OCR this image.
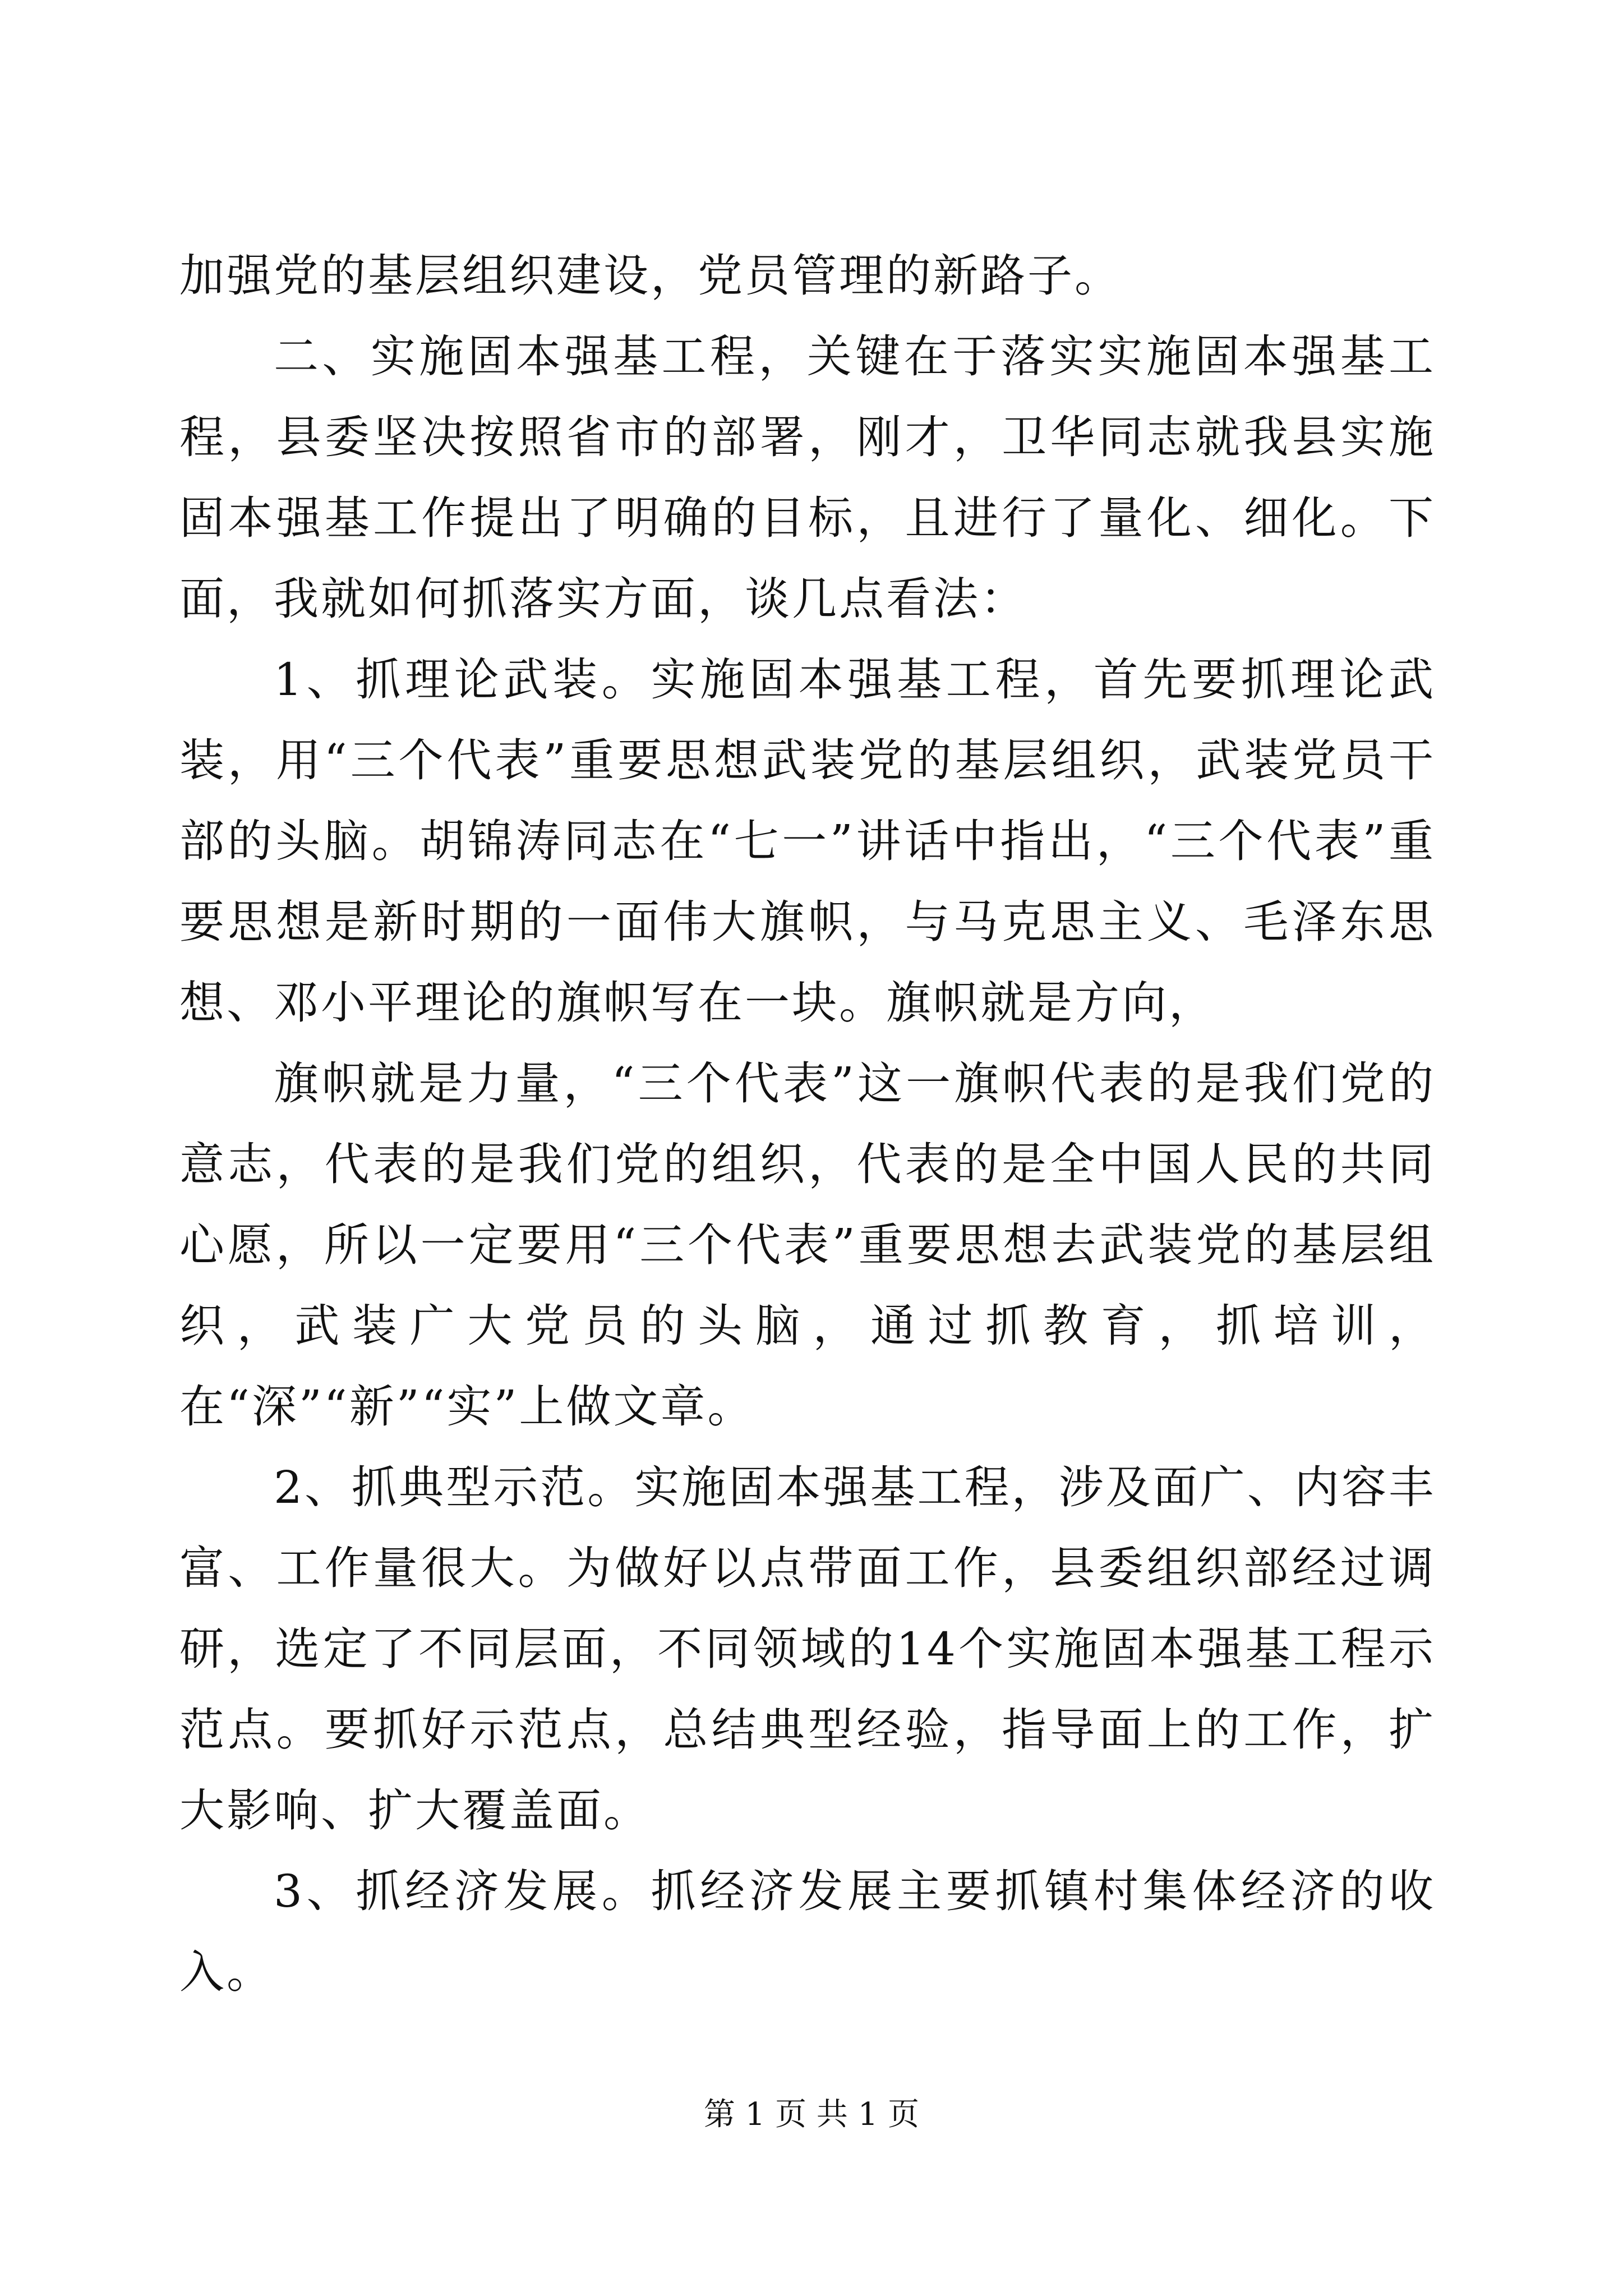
加强党的基层组织建设，党员管理的新路子。

二、实施固本强基工程，关键在于落实实施固本强基工程，县委坚决按照省市的部署，刚才，卫华同志就我县实施固本强基工作提出了明确的目标，且进行了量化、细化。下面，我就如何抓落实方面，谈几点看法：

1、抓理论武装。实施固本强基工程，首先要抓理论武装，用“三个代表”重要思想武装党的基层组织，武装党员干部的头脑。胡锦涛同志在“七一”讲话中指出，“三个代表”重要思想是新时期的一面伟大旗帜，与马克思主义、毛泽东思想、邓小平理论的旗帜写在一块。旗帜就是方向，

旗帜就是力量，“三个代表”这一旗帜代表的是我们党的意志，代表的是我们党的组织，代表的是全中国人民的共同心愿，所以一定要用“三个代表”重要思想去武装党的基层组织，武装广大党员的头脑，通过抓教育，抓培训，在“深”“新”“实”上做文章。

2、抓典型示范。实施固本强基工程，涉及面广、内容丰富、工作量很大。为做好以点带面工作，县委组织部经过调研，选定了不同层面，不同领域的14个实施固本强基工程示范点。要抓好示范点，总结典型经验，指导面上的工作，扩大影响、扩大覆盖面。

3、抓经济发展。抓经济发展主要抓镇村集体经济的收入。

第 1 页 共 1 页
